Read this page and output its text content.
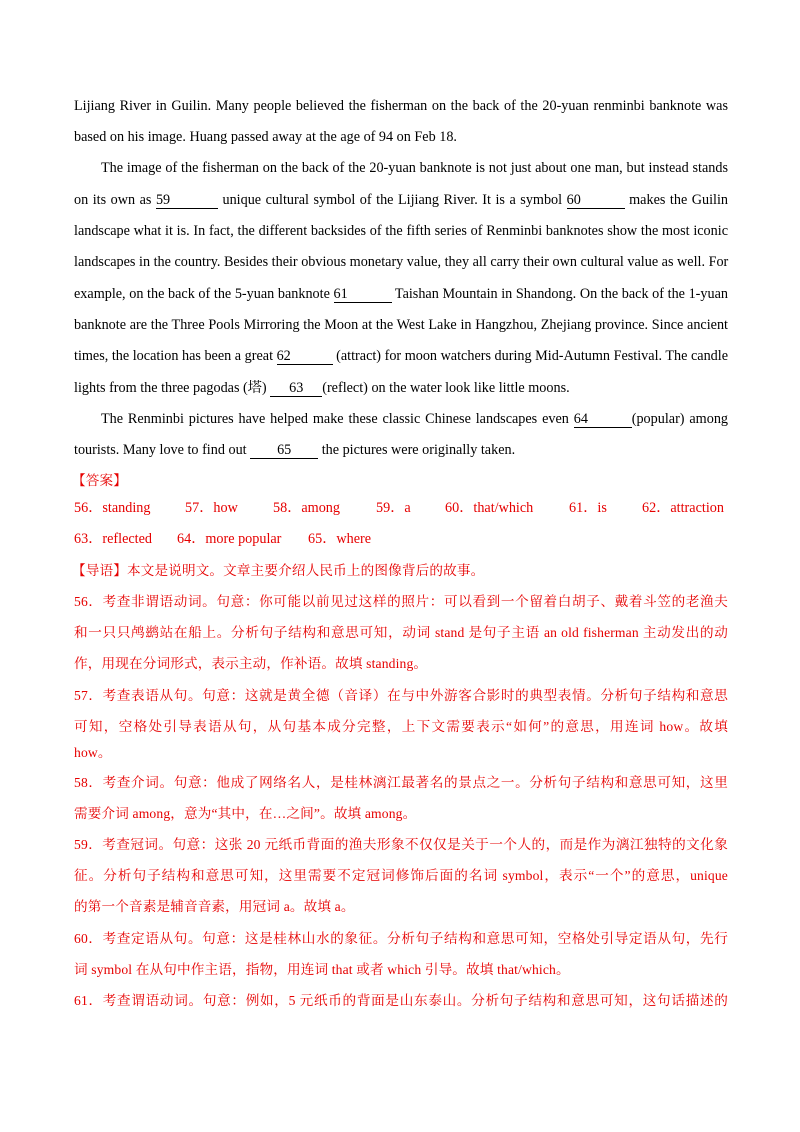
Lijiang River in Guilin. Many people believed the fisherman on the back of the 20-yuan renminbi banknote was
based on his image. Huang passed away at the age of 94 on Feb 18.
The image of the fisherman on the back of the 20-yuan banknote is not just about one man, but instead stands
on its own as 59	unique cultural symbol of the Lijiang River. It is a symbol 60	makes the Guilin
landscape what it is. In fact, the different backsides of the fifth series of Renminbi banknotes show the most iconic
landscapes in the country. Besides their obvious monetary value, they all carry their own cultural value as well. For
example, on the back of the 5-yuan banknote 61	Taishan Mountain in Shandong. On the back of the 1-yuan
banknote are the Three Pools Mirroring the Moon at the West Lake in Hangzhou, Zhejiang province. Since ancient
times, the location has been a great 62	(attract) for moon watchers during Mid-Autumn Festival. The candle
lights from the three pagodas (塔) 63 (reflect) on the water look like little moons.
The Renminbi pictures have helped make these classic Chinese landscapes even 64	(popular) among
tourists. Many love to find out 65 the pictures were originally taken.
【答案】
56．standing 57．how 58．among	59．a 60．that/which	61．is 62．attraction
63．reflected 64．more popular 65．where
【导语】本文是说明文。文章主要介绍人民币上的图像背后的故事。
56．考查非谓语动词。句意：你可能以前见过这样的照片：可以看到一个留着白胡子、戴着斗笠的老渔夫
和一只只鸬鹚站在船上。分析句子结构和意思可知，动词 stand 是句子主语 an old fisherman 主动发出的动
作，用现在分词形式，表示主动，作补语。故填 standing。
57．考查表语从句。句意：这就是黄全德（音译）在与中外游客合影时的典型表情。分析句子结构和意思
可知，空格处引导表语从句，从句基本成分完整，上下文需要表示“如何”的意思，用连词 how。故填
how。
58．考查介词。句意：他成了网络名人，是桂林漓江最著名的景点之一。分析句子结构和意思可知，这里
需要介词 among，意为“其中，在…之间”。故填 among。
59．考查冠词。句意：这张 20 元纸币背面的渔夫形象不仅仅是关于一个人的，而是作为漓江独特的文化象
征。分析句子结构和意思可知，这里需要不定冠词修饰后面的名词 symbol，表示“一个”的意思，unique
的第一个音素是辅音音素，用冠词 a。故填 a。
60．考查定语从句。句意：这是桂林山水的象征。分析句子结构和意思可知，空格处引导定语从句，先行
词 symbol 在从句中作主语，指物，用连词 that 或者 which 引导。故填 that/which。
61．考查谓语动词。句意：例如，5 元纸币的背面是山东泰山。分析句子结构和意思可知，这句话描述的
